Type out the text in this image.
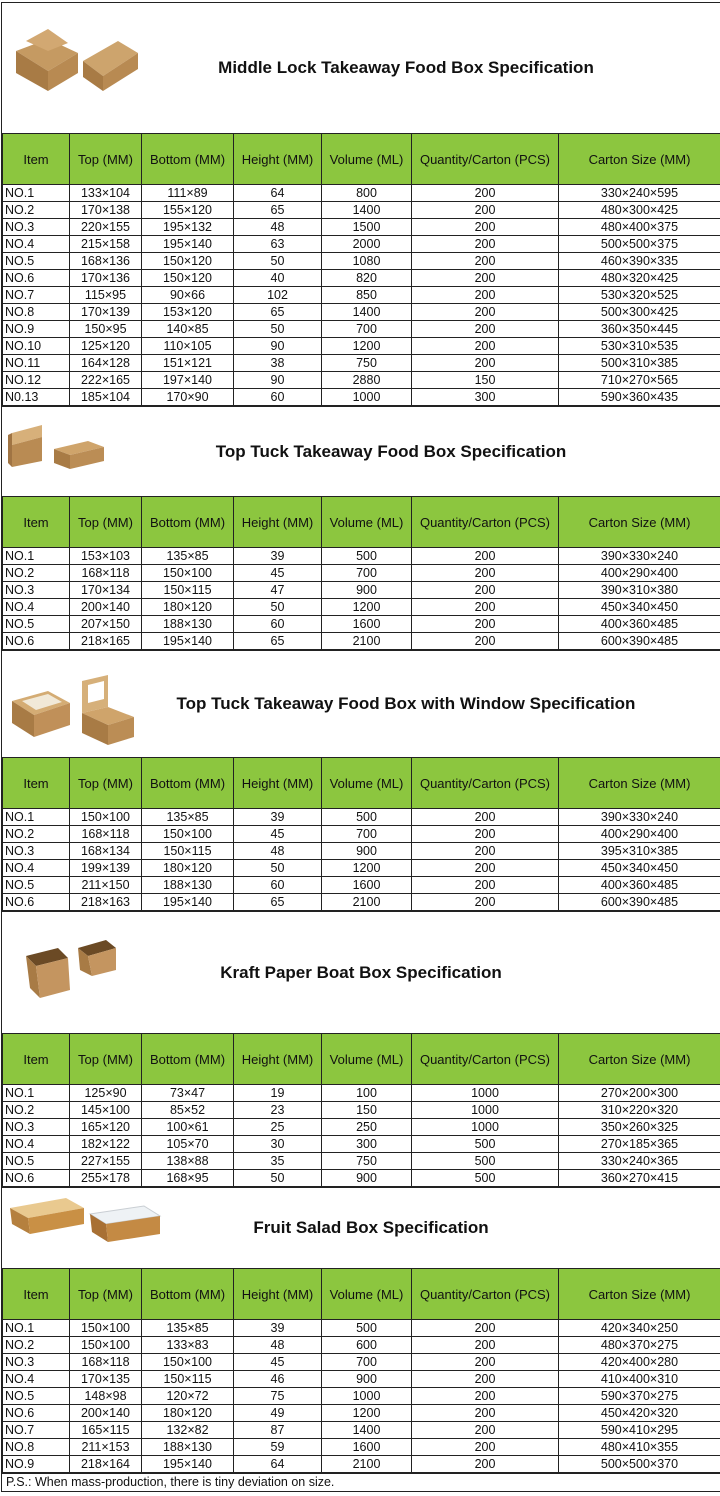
Middle Lock Takeaway Food Box Specification
Item	Top (MM)	Bottom (MM)	Height (MM)	Volume (ML)	Quantity/Carton (PCS)	Carton Size (MM)
NO.1	133×104	111×89	64	800	200	330×240×595
NO.2	170×138	155×120	65	1400	200	480×300×425
NO.3	220×155	195×132	48	1500	200	480×400×375
NO.4	215×158	195×140	63	2000	200	500×500×375
NO.5	168×136	150×120	50	1080	200	460×390×335
NO.6	170×136	150×120	40	820	200	480×320×425
NO.7	115×95	90×66	102	850	200	530×320×525
NO.8	170×139	153×120	65	1400	200	500×300×425
NO.9	150×95	140×85	50	700	200	360×350×445
NO.10	125×120	110×105	90	1200	200	530×310×535
NO.11	164×128	151×121	38	750	200	500×310×385
NO.12	222×165	197×140	90	2880	150	710×270×565
N0.13	185×104	170×90	60	1000	300	590×360×435
Top Tuck Takeaway Food Box Specification
Item	Top (MM)	Bottom (MM)	Height (MM)	Volume (ML)	Quantity/Carton (PCS)	Carton Size (MM)
NO.1	153×103	135×85	39	500	200	390×330×240
NO.2	168×118	150×100	45	700	200	400×290×400
NO.3	170×134	150×115	47	900	200	390×310×380
NO.4	200×140	180×120	50	1200	200	450×340×450
NO.5	207×150	188×130	60	1600	200	400×360×485
NO.6	218×165	195×140	65	2100	200	600×390×485
Top Tuck Takeaway Food Box with Window Specification
Item	Top (MM)	Bottom (MM)	Height (MM)	Volume (ML)	Quantity/Carton (PCS)	Carton Size (MM)
NO.1	150×100	135×85	39	500	200	390×330×240
NO.2	168×118	150×100	45	700	200	400×290×400
NO.3	168×134	150×115	48	900	200	395×310×385
NO.4	199×139	180×120	50	1200	200	450×340×450
NO.5	211×150	188×130	60	1600	200	400×360×485
NO.6	218×163	195×140	65	2100	200	600×390×485
Kraft Paper Boat Box Specification
Item	Top (MM)	Bottom (MM)	Height (MM)	Volume (ML)	Quantity/Carton (PCS)	Carton Size (MM)
NO.1	125×90	73×47	19	100	1000	270×200×300
NO.2	145×100	85×52	23	150	1000	310×220×320
NO.3	165×120	100×61	25	250	1000	350×260×325
NO.4	182×122	105×70	30	300	500	270×185×365
NO.5	227×155	138×88	35	750	500	330×240×365
NO.6	255×178	168×95	50	900	500	360×270×415
Fruit Salad Box Specification
Item	Top (MM)	Bottom (MM)	Height (MM)	Volume (ML)	Quantity/Carton (PCS)	Carton Size (MM)
NO.1	150×100	135×85	39	500	200	420×340×250
NO.2	150×100	133×83	48	600	200	480×370×275
NO.3	168×118	150×100	45	700	200	420×400×280
NO.4	170×135	150×115	46	900	200	410×400×310
NO.5	148×98	120×72	75	1000	200	590×370×275
NO.6	200×140	180×120	49	1200	200	450×420×320
NO.7	165×115	132×82	87	1400	200	590×410×295
NO.8	211×153	188×130	59	1600	200	480×410×355
NO.9	218×164	195×140	64	2100	200	500×500×370
P.S.: When mass-production, there is tiny deviation on size.
